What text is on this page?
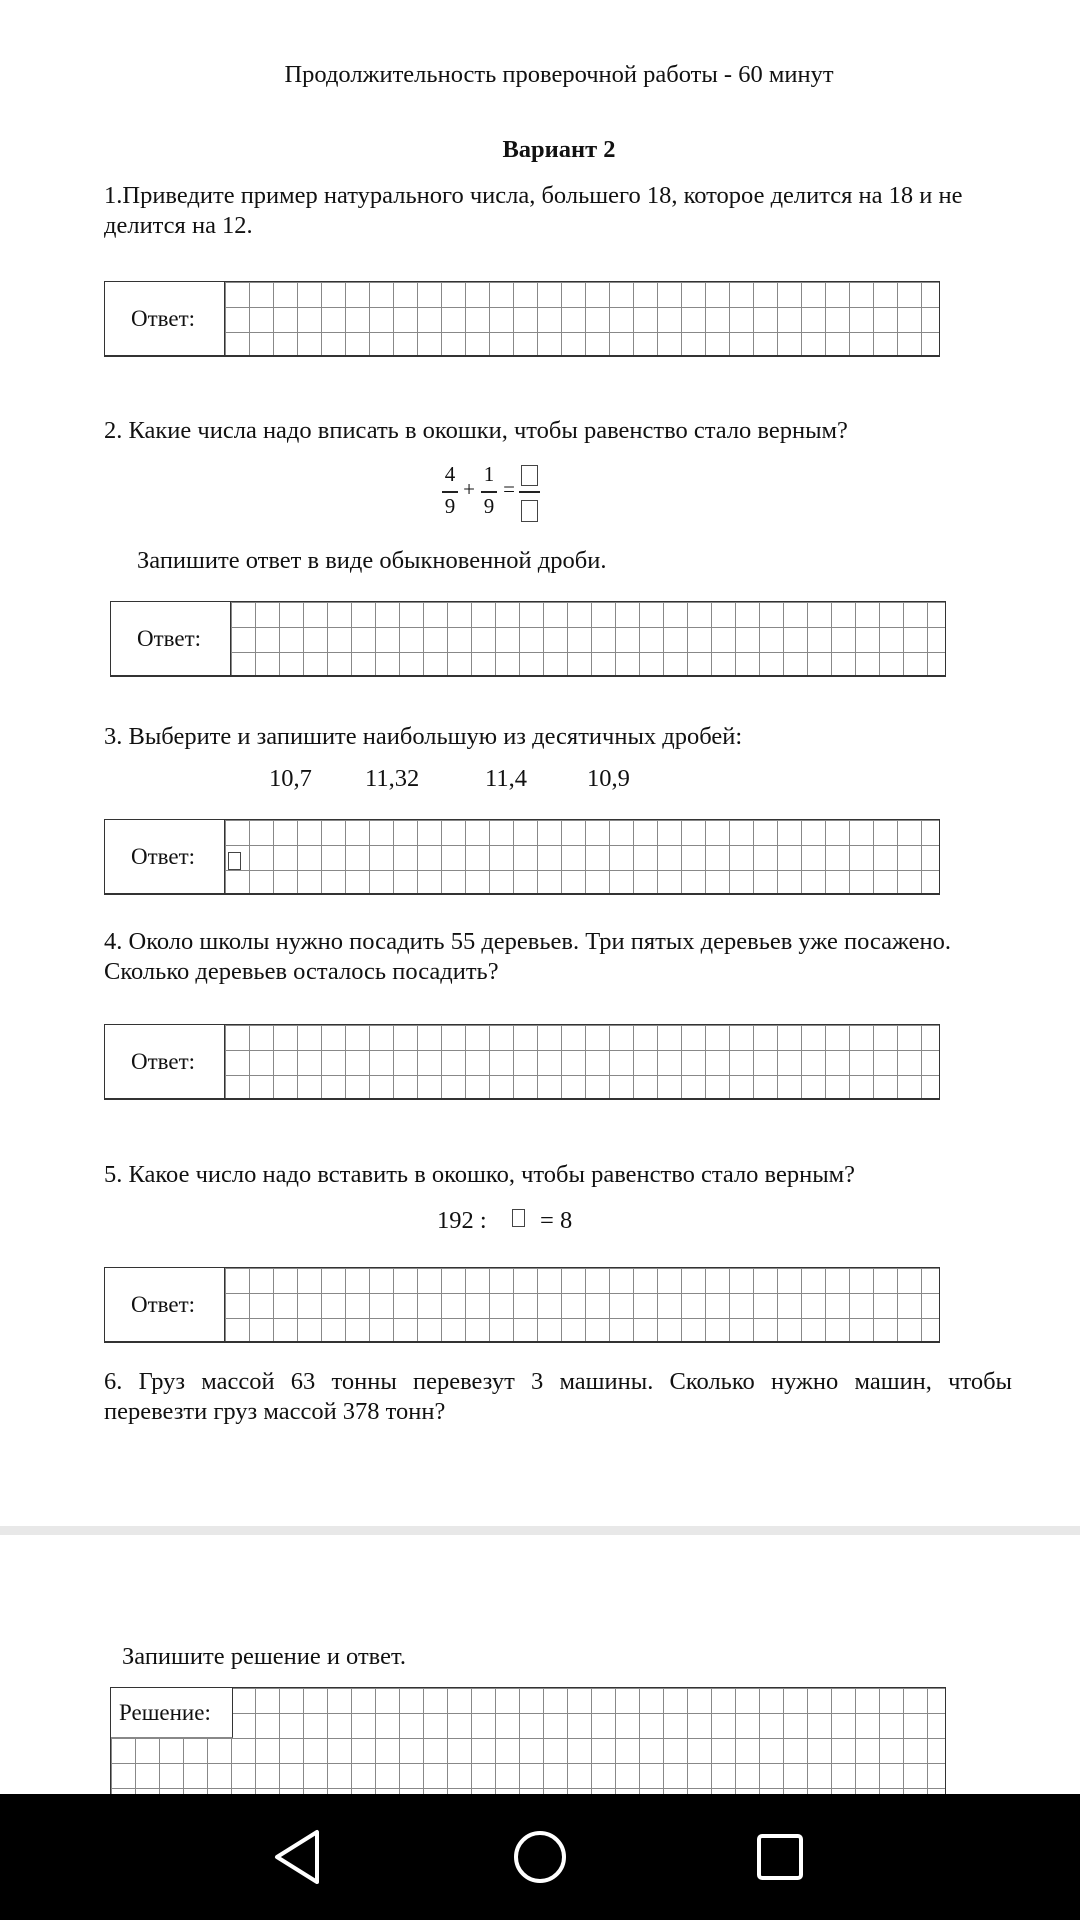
Продолжительность проверочной работы - 60 минут
Вариант 2
1.Приведите пример натурального числа, большего 18, которое делится на 18 и не
делится на 12.
Ответ:
2. Какие числа надо вписать в окошки, чтобы равенство стало верным?
4
9
+
1
9
=
Запишите ответ в виде обыкновенной дроби.
Ответ:
3. Выберите и запишите наибольшую из десятичных дробей:
10,7 11,32	11,4 10,9
Ответ:
4. Около школы нужно посадить 55 деревьев. Три пятых деревьев уже посажено.
Сколько деревьев осталось посадить?
Ответ:
5. Какое число надо вставить в окошко, чтобы равенство стало верным?
192 : = 8
Ответ:
6. Груз массой 63 тонны перевезут 3 машины. Сколько нужно машин, чтобы
перевезти груз массой 378 тонн?
Запишите решение и ответ.
Решение:
